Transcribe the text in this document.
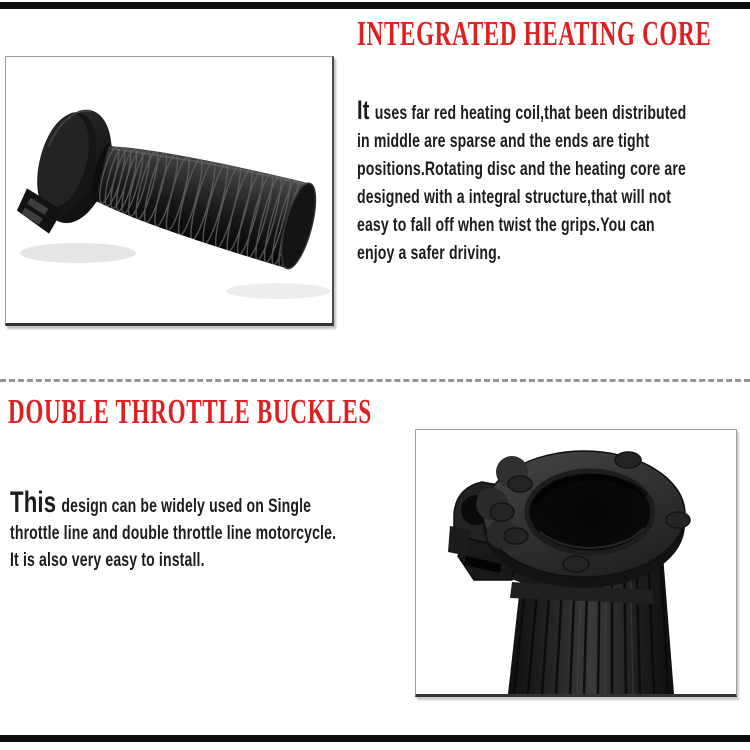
INTEGRATED HEATING CORE
It uses far red heating coil,that been distributed
in middle are sparse and the ends are tight
positions.Rotating disc and the heating core are
designed with a integral structure,that will not
easy to fall off when twist the grips.You can
enjoy a safer driving.
DOUBLE THROTTLE BUCKLES
This design can be widely used on Single
throttle line and double throttle line motorcycle.
It is also very easy to install.
